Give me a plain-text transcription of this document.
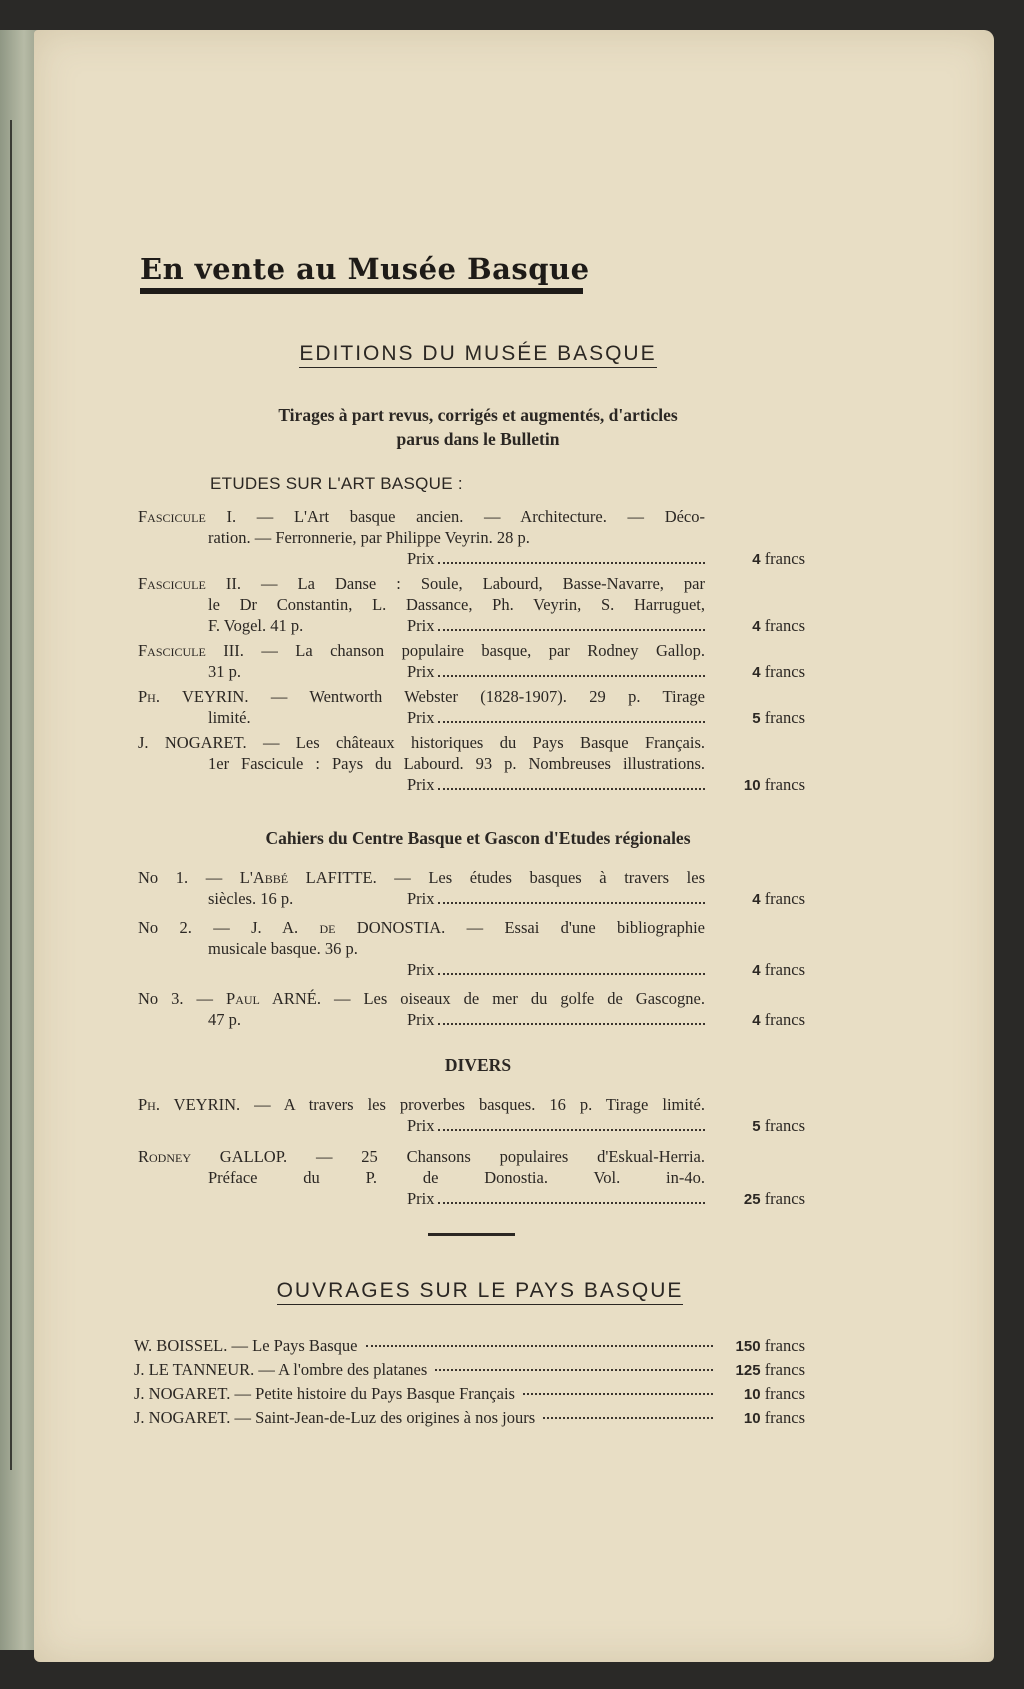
En vente au Musée Basque
EDITIONS DU MUSÉE BASQUE
Tirages à part revus, corrigés et augmentés, d'articles
parus dans le Bulletin
ETUDES SUR L'ART BASQUE :
Fascicule I. — L'Art basque ancien. — Architecture. — Déco-
ration. — Ferronnerie, par Philippe Veyrin. 28 p.
Prix	4 francs
Fascicule II. — La Danse : Soule, Labourd, Basse-Navarre, par
le Dr Constantin, L. Dassance, Ph. Veyrin, S. Harruguet,
F. Vogel. 41 p.	Prix	4 francs
Fascicule III. — La chanson populaire basque, par Rodney Gallop.
31 p.	Prix	4 francs
Ph. VEYRIN. — Wentworth Webster (1828-1907). 29 p. Tirage
limité.	Prix	5 francs
J. NOGARET. — Les châteaux historiques du Pays Basque Français.
1er Fascicule : Pays du Labourd. 93 p. Nombreuses illustrations.
Prix	10 francs
Cahiers du Centre Basque et Gascon d'Etudes régionales
No 1. — L'Abbé LAFITTE. — Les études basques à travers les
siècles. 16 p.	Prix	4 francs
No 2. — J. A. de DONOSTIA. — Essai d'une bibliographie
musicale basque. 36 p.
Prix	4 francs
No 3. — Paul ARNÉ. — Les oiseaux de mer du golfe de Gascogne.
47 p.	Prix	4 francs
DIVERS
Ph. VEYRIN. — A travers les proverbes basques. 16 p. Tirage limité.
Prix	5 francs
Rodney GALLOP. — 25 Chansons populaires d'Eskual-Herria.
Préface du P. de Donostia. Vol. in-4o.
Prix	25 francs
OUVRAGES SUR LE PAYS BASQUE
W. BOISSEL. — Le Pays Basque	150 francs
J. LE TANNEUR. — A l'ombre des platanes	125 francs
J. NOGARET. — Petite histoire du Pays Basque Français	10 francs
J. NOGARET. — Saint-Jean-de-Luz des origines à nos jours	10 francs
